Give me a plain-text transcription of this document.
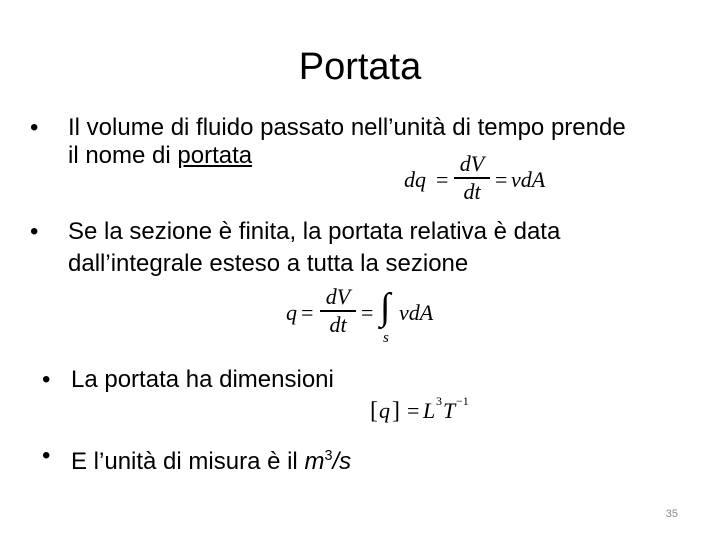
Portata
•	Il volume di fluido passato nell’unità di tempo prende
il nome di portata
dq =
dV
dt = vdA
•	Se la sezione è finita, la portata relativa è data
dall’integrale esteso a tutta la sezione
q =
dV
dt = ∫
s
vdA
• La portata ha dimensioni
[ q ] = L 3 T −1
• E l’unità di misura è il $m^3/s$
35
